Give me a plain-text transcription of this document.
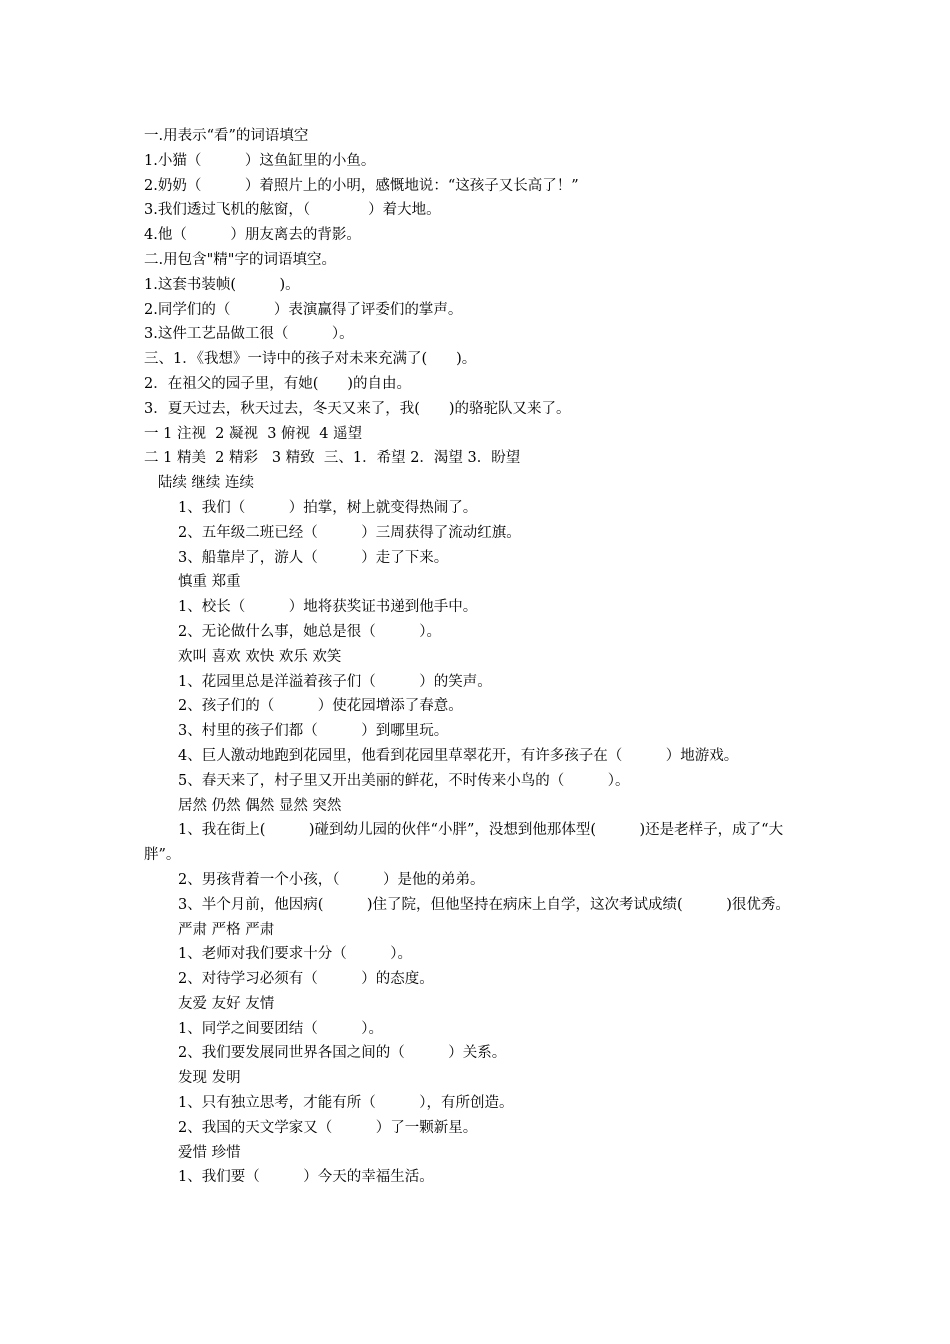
一.用表示“看”的词语填空
1.小猫（　　　）这鱼缸里的小鱼。
2.奶奶（　　　）着照片上的小明，感慨地说：“这孩子又长高了！”
3.我们透过飞机的舷窗，（　　　　）着大地。
4.他（　　　）朋友离去的背影。
二.用包含"精"字的词语填空。
1.这套书装帧(　　　)。
2.同学们的（　　　）表演赢得了评委们的掌声。
3.这件工艺品做工很（　　　）。
三、1．《我想》一诗中的孩子对未来充满了(　　)。
2．在祖父的园子里，有她(　　)的自由。
3．夏天过去，秋天过去，冬天又来了，我(　　)的骆驼队又来了。
一 1 注视  2 凝视  3 俯视  4 遥望
二 1 精美  2 精彩   3 精致  三、1．希望 2．渴望 3．盼望
陆续 继续 连续
1、我们（　　　）拍掌，树上就变得热闹了。
2、五年级二班已经（　　　）三周获得了流动红旗。
3、船靠岸了，游人（　　　）走了下来。
慎重 郑重
1、校长（　　　）地将获奖证书递到他手中。
2、无论做什么事，她总是很（　　　）。
欢叫 喜欢 欢快 欢乐 欢笑
1、花园里总是洋溢着孩子们（　　　）的笑声。
2、孩子们的（　　　）使花园增添了春意。
3、村里的孩子们都（　　　）到哪里玩。
4、巨人激动地跑到花园里，他看到花园里草翠花开，有许多孩子在（　　　）地游戏。
5、春天来了，村子里又开出美丽的鲜花，不时传来小鸟的（　　　）。
居然 仍然 偶然 显然 突然
1、我在街上(　　　)碰到幼儿园的伙伴“小胖”，没想到他那体型(　　　)还是老样子，成了“大胖”。
2、男孩背着一个小孩，（　　　）是他的弟弟。
3、半个月前，他因病(　　　)住了院，但他坚持在病床上自学，这次考试成绩(　　　)很优秀。
严肃 严格 严肃
1、老师对我们要求十分（　　　）。
2、对待学习必须有（　　　）的态度。
友爱 友好 友情
1、同学之间要团结（　　　）。
2、我们要发展同世界各国之间的（　　　）关系。
发现 发明
1、只有独立思考，才能有所（　　　），有所创造。
2、我国的天文学家又（　　　）了一颗新星。
爱惜 珍惜
1、我们要（　　　）今天的幸福生活。
